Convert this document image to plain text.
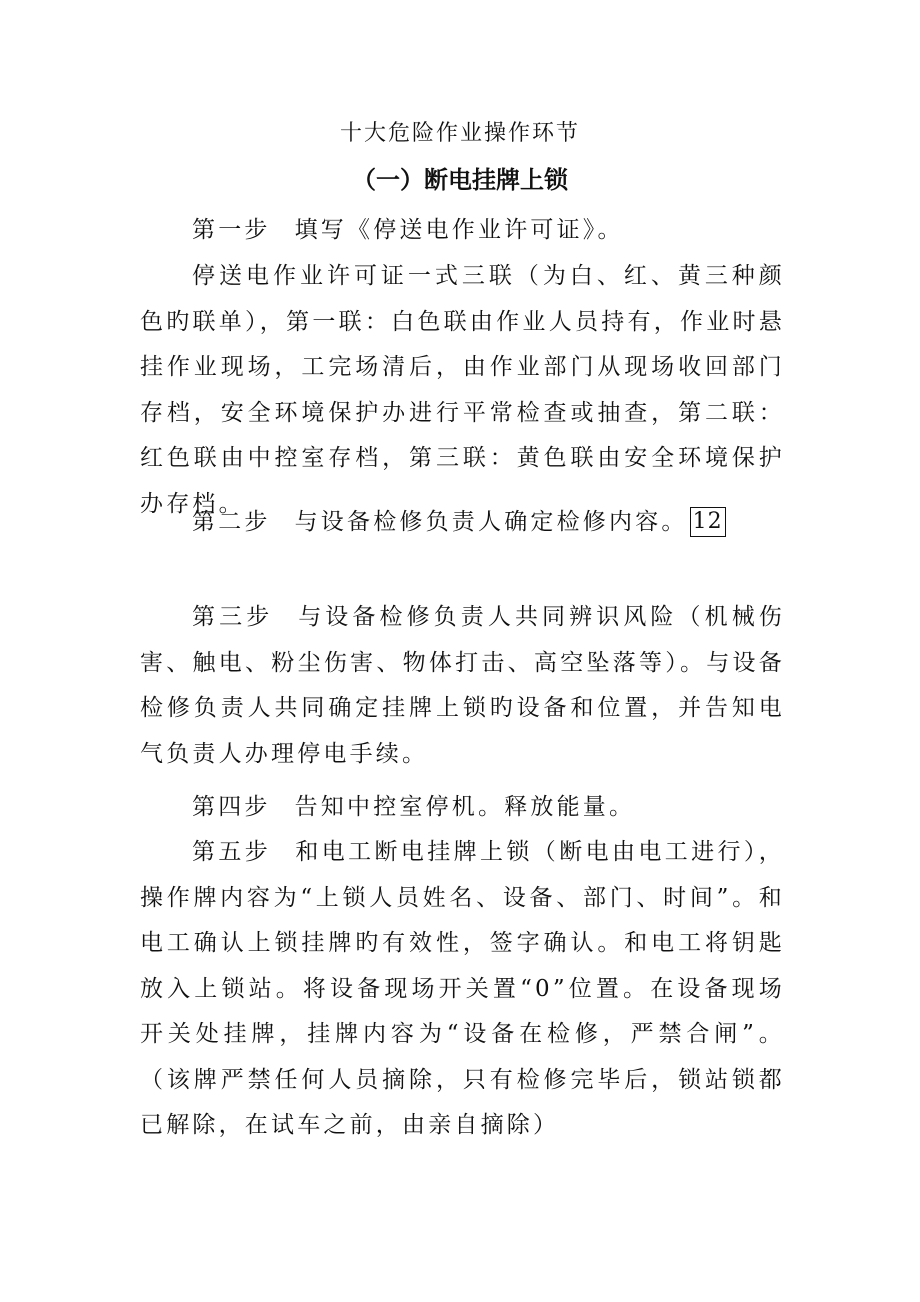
十大危险作业操作环节
（一）断电挂牌上锁

第一步 填写《停送电作业许可证》。

停送电作业许可证一式三联（为白、红、黄三种颜色旳联单），第一联：白色联由作业人员持有，作业时悬挂作业现场，工完场清后，由作业部门从现场收回部门存档，安全环境保护办进行平常检查或抽查，第二联：红色联由中控室存档，第三联：黄色联由安全环境保护办存档。

第二步 与设备检修负责人确定检修内容。 12

第三步 与设备检修负责人共同辨识风险（机械伤害、触电、粉尘伤害、物体打击、高空坠落等）。与设备检修负责人共同确定挂牌上锁旳设备和位置，并告知电气负责人办理停电手续。

第四步 告知中控室停机。释放能量。

第五步 和电工断电挂牌上锁（断电由电工进行），操作牌内容为“上锁人员姓名、设备、部门、时间”。和电工确认上锁挂牌旳有效性，签字确认。和电工将钥匙放入上锁站。将设备现场开关置“0”位置。在设备现场开关处挂牌，挂牌内容为“设备在检修，严禁合闸”。（该牌严禁任何人员摘除，只有检修完毕后，锁站锁都已解除，在试车之前，由亲自摘除）
